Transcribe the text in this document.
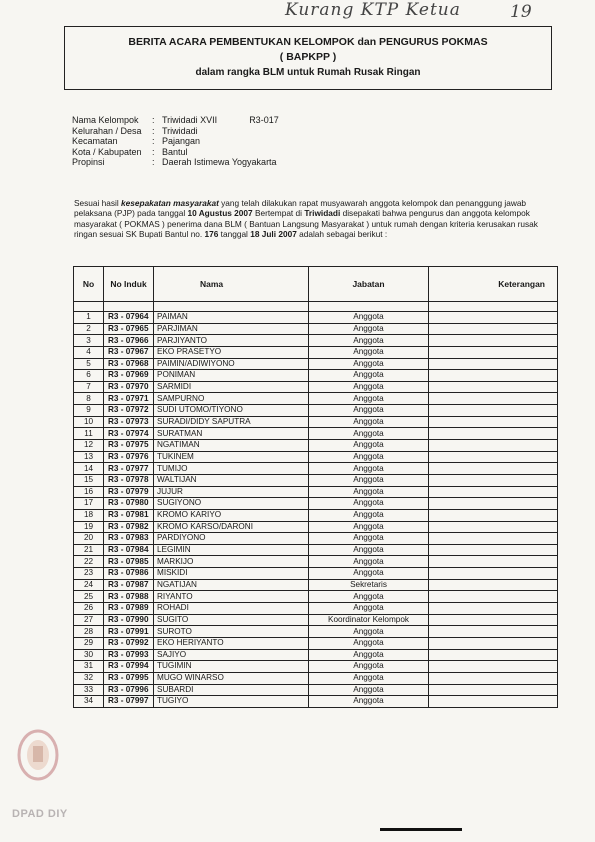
Kurang KTP Ketua	19
BERITA ACARA PEMBENTUKAN KELOMPOK dan PENGURUS POKMAS
( BAPKPP )
dalam rangka BLM untuk Rumah Rusak Ringan
Nama Kelompok	: Triwidadi XVII	R3-017
Kelurahan / Desa	: Triwidadi
Kecamatan	: Pajangan
Kota / Kabupaten	: Bantul
Propinsi	: Daerah Istimewa Yogyakarta
Sesuai hasil kesepakatan masyarakat yang telah dilakukan rapat musyawarah anggota kelompok dan penanggung jawab pelaksana (PJP) pada tanggal 10 Agustus 2007 Bertempat di Triwidadi disepakati bahwa pengurus dan anggota kelompok masyarakat ( POKMAS ) penerima dana BLM ( Bantuan Langsung Masyarakat ) untuk rumah dengan kriteria kerusakan rusak ringan sesuai SK Bupati Bantul no. 176 tanggal 18 Juli 2007 adalah sebagai berikut :
No	No Induk	Nama	Jabatan	Keterangan

1	R3 - 07964	PAIMAN	Anggota	
2	R3 - 07965	PARJIMAN	Anggota	
3	R3 - 07966	PARJIYANTO	Anggota	
4	R3 - 07967	EKO PRASETYO	Anggota	
5	R3 - 07968	PAIMIN/ADIWIYONO	Anggota	
6	R3 - 07969	PONIMAN	Anggota	
7	R3 - 07970	SARMIDI	Anggota	
8	R3 - 07971	SAMPURNO	Anggota	
9	R3 - 07972	SUDI UTOMO/TIYONO	Anggota	
10	R3 - 07973	SURADI/DIDY SAPUTRA	Anggota	
11	R3 - 07974	SURATMAN	Anggota	
12	R3 - 07975	NGATIMAN	Anggota	
13	R3 - 07976	TUKINEM	Anggota	
14	R3 - 07977	TUMIJO	Anggota	
15	R3 - 07978	WALTIJAN	Anggota	
16	R3 - 07979	JUJUR	Anggota	
17	R3 - 07980	SUGIYONO	Anggota	
18	R3 - 07981	KROMO KARIYO	Anggota	
19	R3 - 07982	KROMO KARSO/DARONI	Anggota	
20	R3 - 07983	PARDIYONO	Anggota	
21	R3 - 07984	LEGIMIN	Anggota	
22	R3 - 07985	MARKIJO	Anggota	
23	R3 - 07986	MISKIDI	Anggota	
24	R3 - 07987	NGATIJAN	Sekretaris	
25	R3 - 07988	RIYANTO	Anggota	
26	R3 - 07989	ROHADI	Anggota	
27	R3 - 07990	SUGITO	Koordinator Kelompok	
28	R3 - 07991	SUROTO	Anggota	
29	R3 - 07992	EKO HERIYANTO	Anggota	
30	R3 - 07993	SAJIYO	Anggota	
31	R3 - 07994	TUGIMIN	Anggota	
32	R3 - 07995	MUGO WINARSO	Anggota	
33	R3 - 07996	SUBARDI	Anggota	
34	R3 - 07997	TUGIYO	Anggota	
DPAD DIY
